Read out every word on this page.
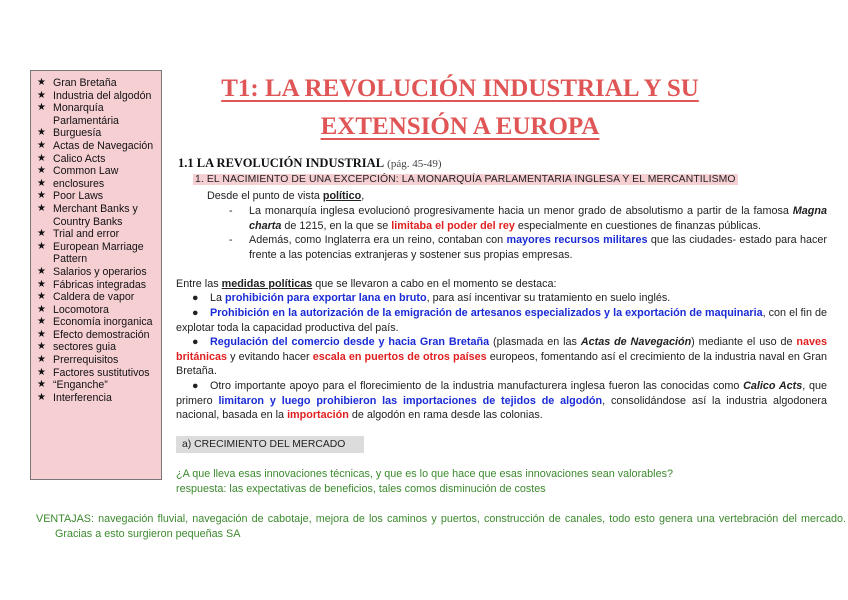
★ Gran Bretaña
★ Industria del algodón
★ Monarquía Parlamentária
★ Burguesía
★ Actas de Navegación
★ Calico Acts
★ Common Law
★ enclosures
★ Poor Laws
★ Merchant Banks y Country Banks
★ Trial and error
★ European Marriage Pattern
★ Salarios y operarios
★ Fábricas integradas
★ Caldera de vapor
★ Locomotora
★ Economía inorganica
★ Efecto demostración
★ sectores guia
★ Prerrequisitos
★ Factores sustitutivos
★ “Enganche”
★ Interferencia
T1: LA REVOLUCIÓN INDUSTRIAL Y SU
EXTENSIÓN A EUROPA
1.1 LA REVOLUCIÓN INDUSTRIAL (pág. 45-49)
1. EL NACIMIENTO DE UNA EXCEPCIÓN: LA MONARQUÍA PARLAMENTARIA INGLESA Y EL MERCANTILISMO
Desde el punto de vista político,
- La monarquía inglesa evolucionó progresivamente hacia un menor grado de absolutismo a partir de la famosa Magna charta de 1215, en la que se limitaba el poder del rey especialmente en cuestiones de finanzas públicas.
- Además, como Inglaterra era un reino, contaban con mayores recursos militares que las ciudades- estado para hacer frente a las potencias extranjeras y sostener sus propias empresas.
Entre las medidas políticas que se llevaron a cabo en el momento se destaca:
● La prohibición para exportar lana en bruto, para así incentivar su tratamiento en suelo inglés.
●	Prohibición en la autorización de la emigración de artesanos especializados y la exportación de maquinaria, con el fin de explotar toda la capacidad productiva del país.
●	Regulación del comercio desde y hacia Gran Bretaña (plasmada en las Actas de Navegación) mediante el uso de naves británicas y evitando hacer escala en puertos de otros países europeos, fomentando así el crecimiento de la industria naval en Gran Bretaña.
●	Otro importante apoyo para el florecimiento de la industria manufacturera inglesa fueron las conocidas como Calico Acts, que primero limitaron y luego prohibieron las importaciones de tejidos de algodón, consolidándose así la industria algodonera nacional, basada en la importación de algodón en rama desde las colonias.
a) CRECIMIENTO DEL MERCADO
¿A que lleva esas innovaciones técnicas, y que es lo que hace que esas innovaciones sean valorables?
respuesta: las expectativas de beneficios, tales comos disminución de costes
VENTAJAS: navegación fluvial, navegación de cabotaje, mejora de los caminos y puertos, construcción de canales, todo esto genera una vertebración del mercado. Gracias a esto surgieron pequeñas SA
